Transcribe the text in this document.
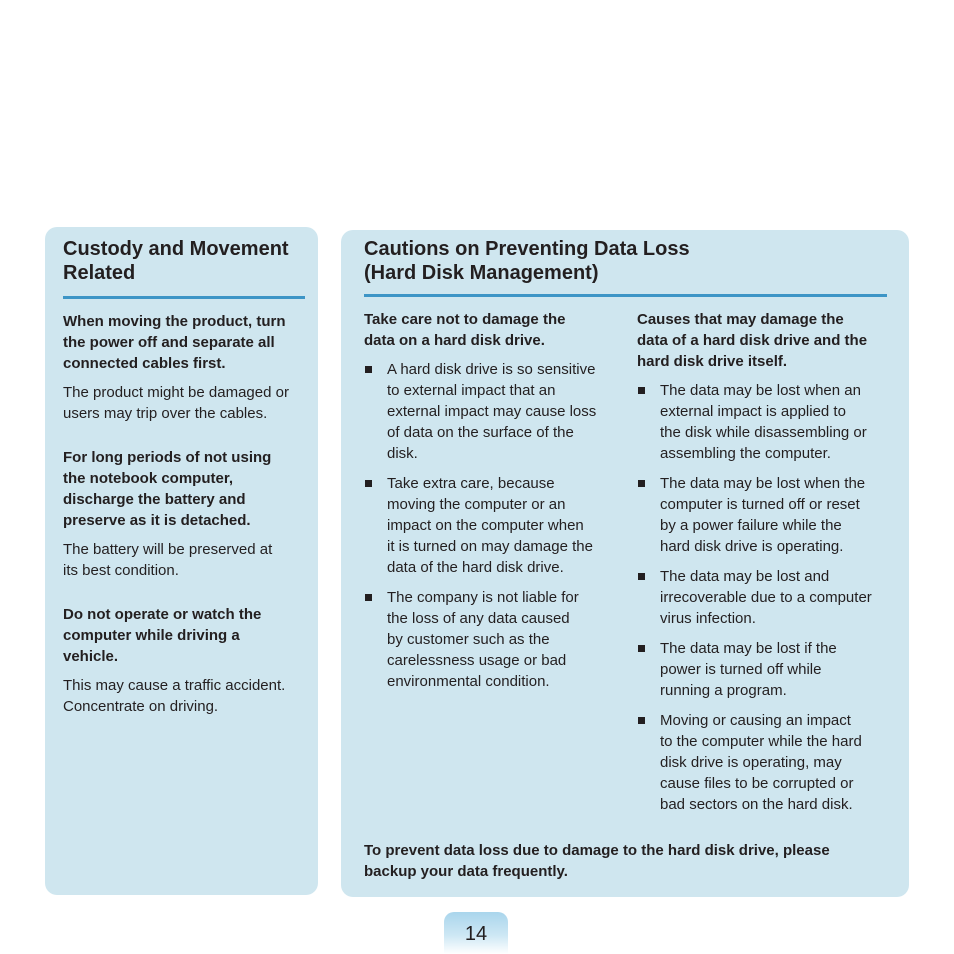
Custody and Movement
Related

When moving the product, turn
the power off and separate all
connected cables first.

The product might be damaged or
users may trip over the cables.

For long periods of not using
the notebook computer,
discharge the battery and
preserve as it is detached.

The battery will be preserved at
its best condition.

Do not operate or watch the
computer while driving a
vehicle.

This may cause a traffic accident.
Concentrate on driving.

Cautions on Preventing Data Loss
(Hard Disk Management)

Take care not to damage the
data on a hard disk drive.

A hard disk drive is so sensitive
to external impact that an
external impact may cause loss
of data on the surface of the
disk.
Take extra care, because
moving the computer or an
impact on the computer when
it is turned on may damage the
data of the hard disk drive.
The company is not liable for
the loss of any data caused
by customer such as the
carelessness usage or bad
environmental condition.

Causes that may damage the
data of a hard disk drive and the
hard disk drive itself.

The data may be lost when an
external impact is applied to
the disk while disassembling or
assembling the computer.
The data may be lost when the
computer is turned off or reset
by a power failure while the
hard disk drive is operating.
The data may be lost and
irrecoverable due to a computer
virus infection.
The data may be lost if the
power is turned off while
running a program.
Moving or causing an impact
to the computer while the hard
disk drive is operating, may
cause files to be corrupted or
bad sectors on the hard disk.

To prevent data loss due to damage to the hard disk drive, please
backup your data frequently.

14
